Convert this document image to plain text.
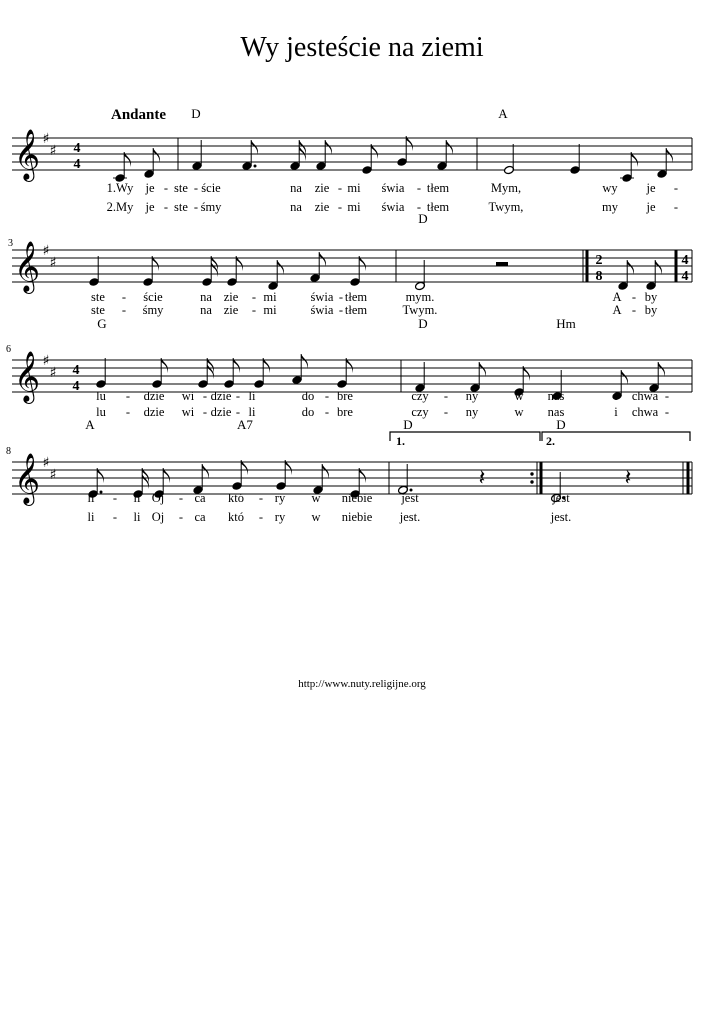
Wy jesteście na ziemi
Andante
𝄞 ♯
♯ 4
4
D	A
1.Wy je - ste - ście	na zie - mi świa - tłem	Mym,	wy je -
2.My je - ste - śmy	na zie - mi świa - tłem	Twym,	my je -
𝄞 ♯
♯
3
2
8
4
4
D
ste - ście	na zie - mi	świa - tłem	mym.	A - by
ste - śmy	na zie - mi	świa - tłem	Twym.	A - by
𝄞 ♯
♯
6
4
4
G	D	Hm
lu - dzie wi - dzie - li	do - bre	czy - ny	w nas	i chwa -
lu - dzie wi - dzie - li	do - bre	czy - ny	w nas	i chwa -
𝄞 ♯
♯
8
𝄽	𝄽
1.	2.
A	A7	D	D
li - li Oj - ca któ - ry w niebie jest	jest
li - li Oj - ca któ - ry w niebie jest.	jest.
http://www.nuty.religijne.org
